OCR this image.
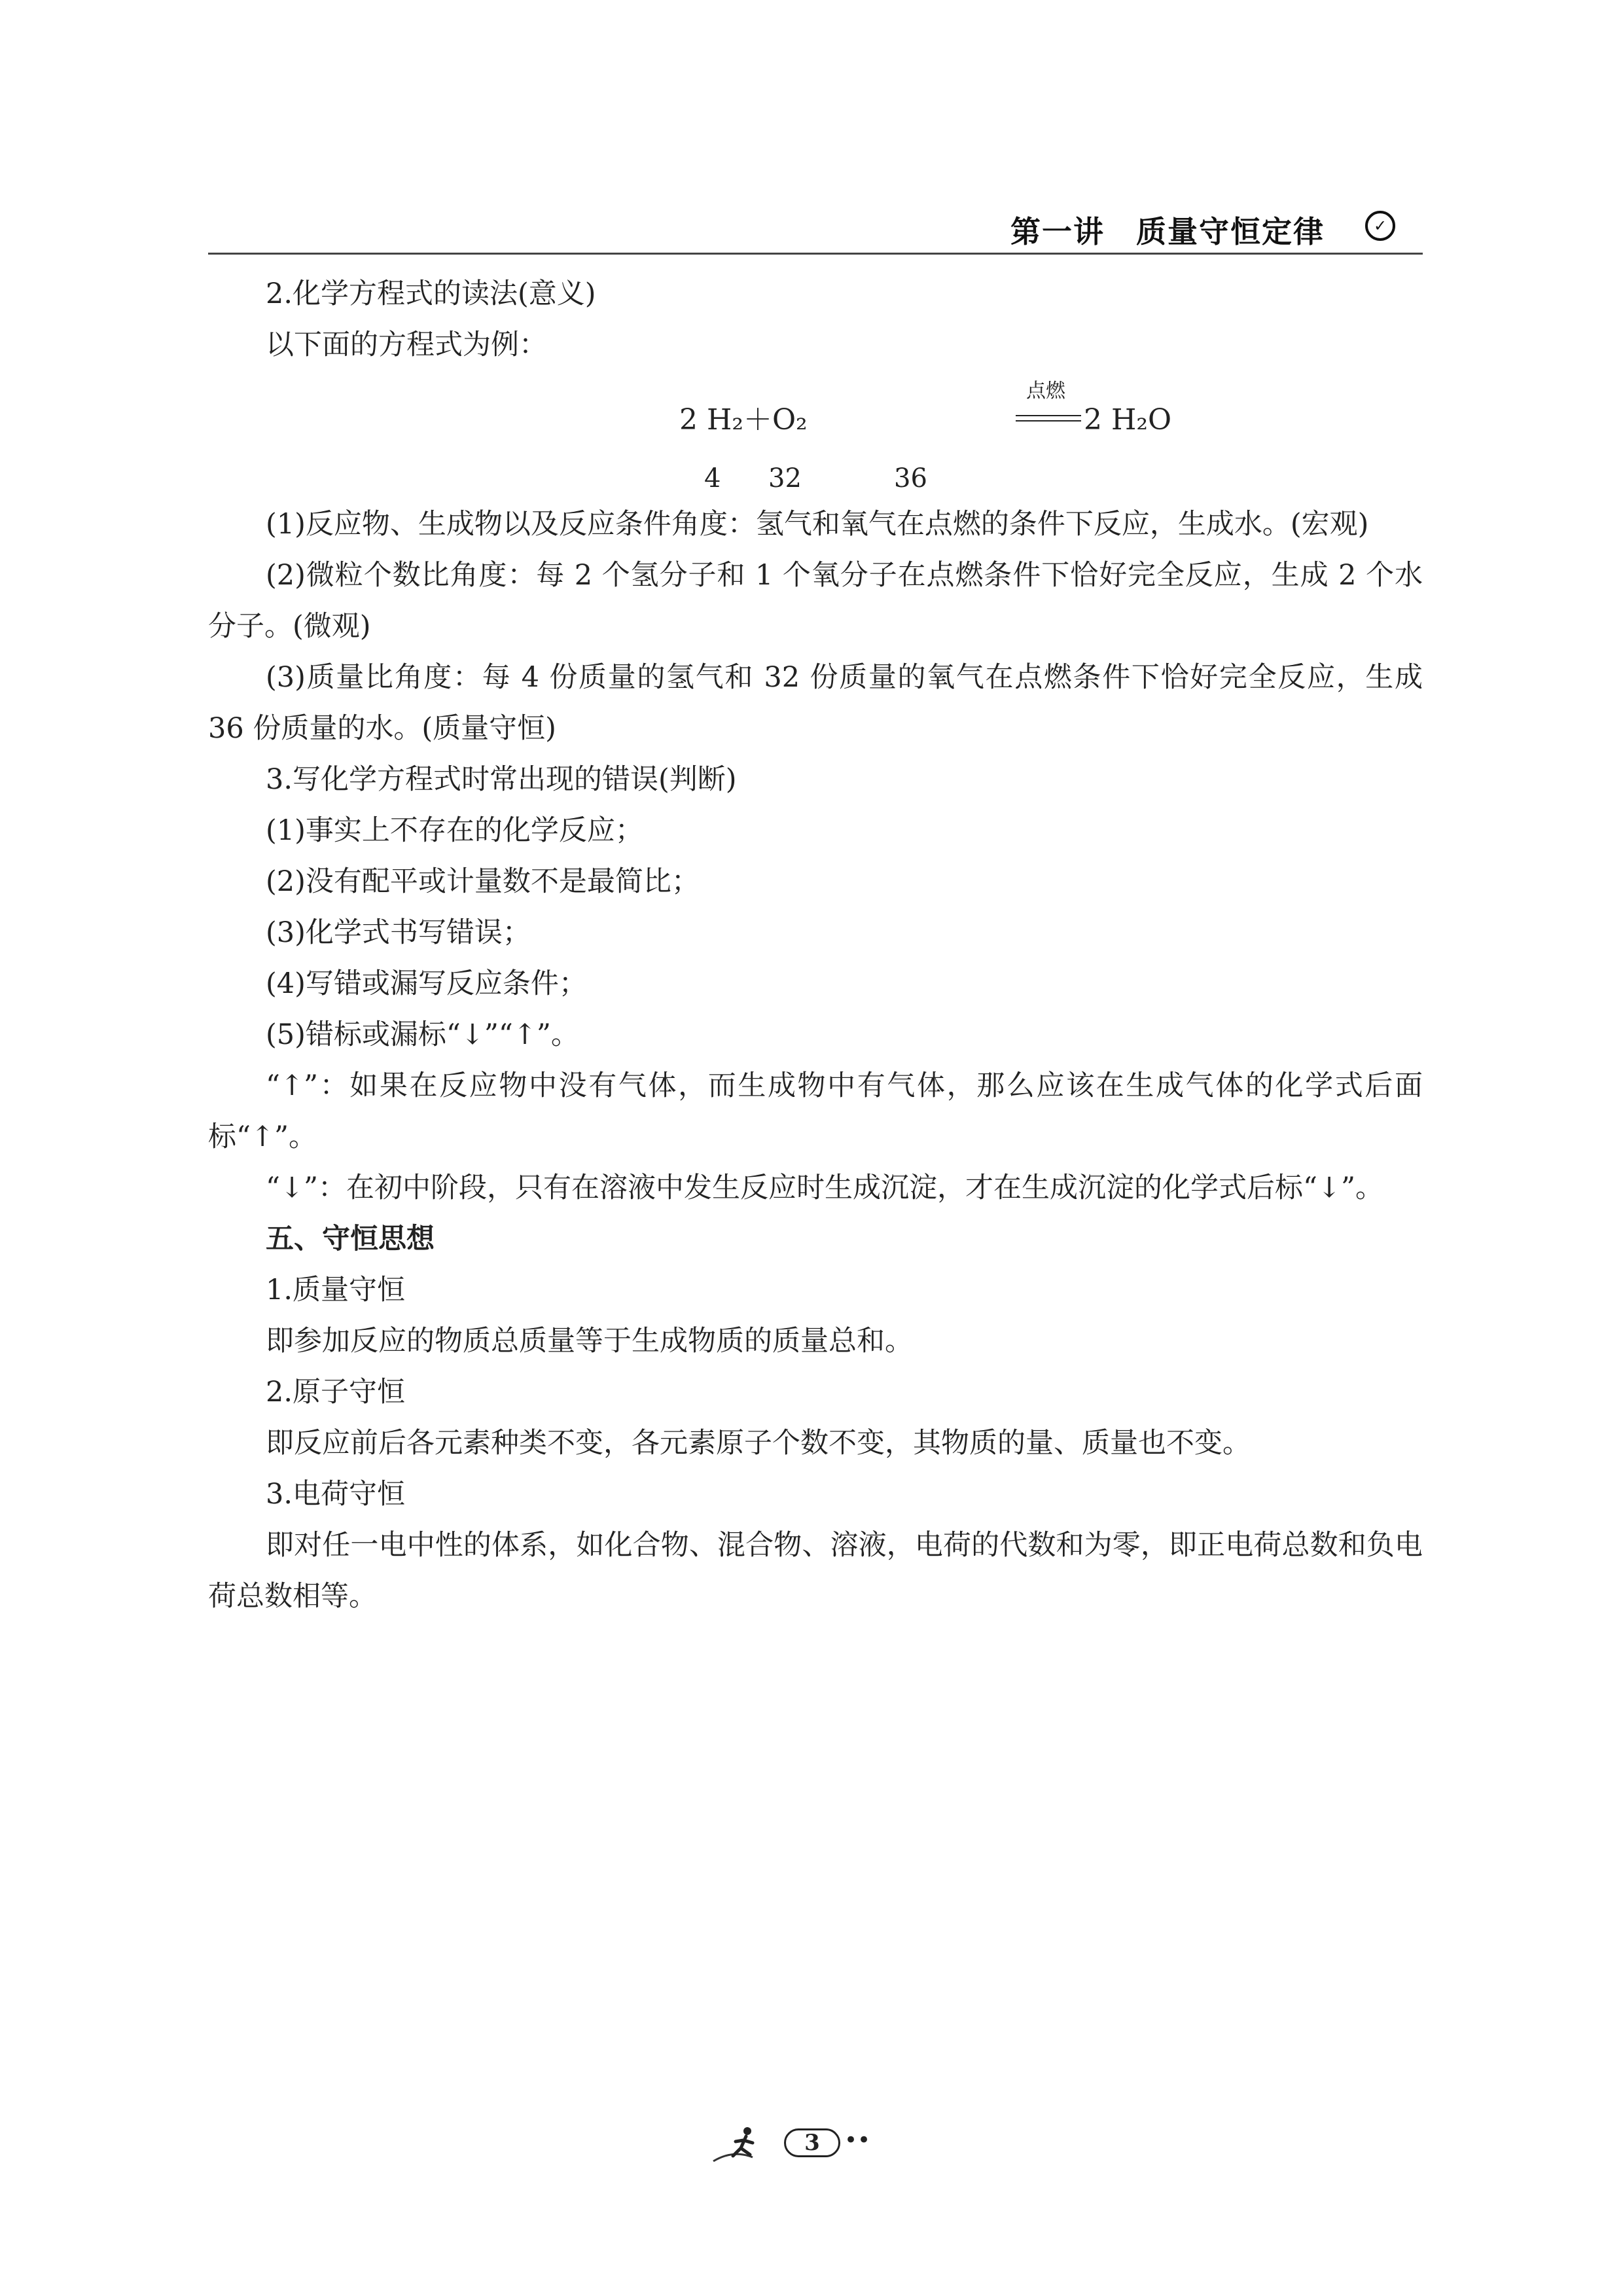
第一讲　质量守恒定律	✓

2.化学方程式的读法(意义)

以下面的方程式为例：

点燃
2 H₂＋O₂	2 H₂O
4 32	36

(1)反应物、生成物以及反应条件角度：氢气和氧气在点燃的条件下反应，生成水。(宏观)

(2)微粒个数比角度：每 2 个氢分子和 1 个氧分子在点燃条件下恰好完全反应，生成 2 个水分子。(微观)

(3)质量比角度：每 4 份质量的氢气和 32 份质量的氧气在点燃条件下恰好完全反应，生成 36 份质量的水。(质量守恒)

3.写化学方程式时常出现的错误(判断)

(1)事实上不存在的化学反应；

(2)没有配平或计量数不是最简比；

(3)化学式书写错误；

(4)写错或漏写反应条件；

(5)错标或漏标“↓”“↑”。

“↑”：如果在反应物中没有气体，而生成物中有气体，那么应该在生成气体的化学式后面标“↑”。

“↓”：在初中阶段，只有在溶液中发生反应时生成沉淀，才在生成沉淀的化学式后标“↓”。

五、守恒思想

1.质量守恒

即参加反应的物质总质量等于生成物质的质量总和。

2.原子守恒

即反应前后各元素种类不变，各元素原子个数不变，其物质的量、质量也不变。

3.电荷守恒

即对任一电中性的体系，如化合物、混合物、溶液，电荷的代数和为零，即正电荷总数和负电荷总数相等。

3	••
